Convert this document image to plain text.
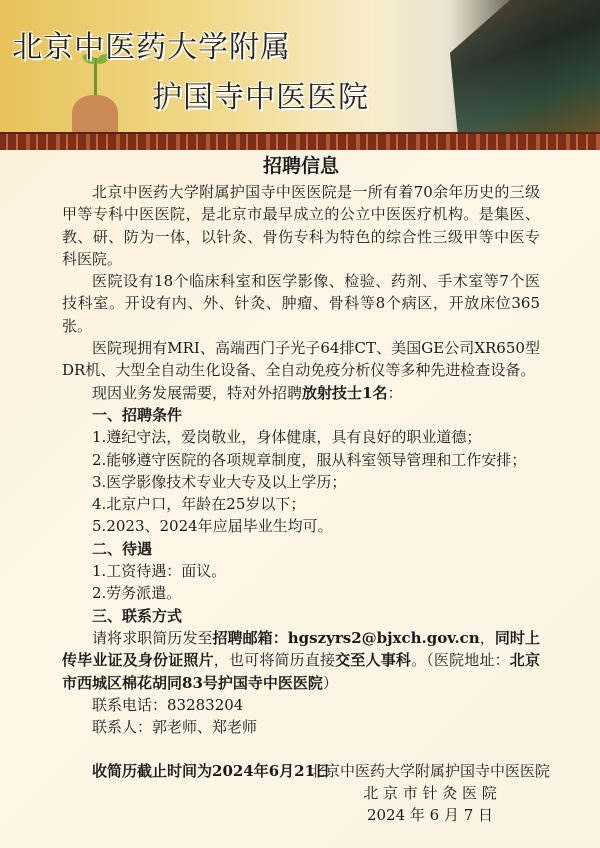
北京中医药大学附属
护国寺中医医院
招聘信息

北京中医药大学附属护国寺中医医院是一所有着70余年历史的三级甲等专科中医医院，是北京市最早成立的公立中医医疗机构。是集医、教、研、防为一体，以针灸、骨伤专科为特色的综合性三级甲等中医专科医院。

医院设有18个临床科室和医学影像、检验、药剂、手术室等7个医技科室。开设有内、外、针灸、肿瘤、骨科等8个病区，开放床位365张。

医院现拥有MRI、高端西门子光子64排CT、美国GE公司XR650型DR机、大型全自动生化设备、全自动免疫分析仪等多种先进检查设备。

现因业务发展需要，特对外招聘放射技士1名：

一、招聘条件
1.遵纪守法，爱岗敬业，身体健康，具有良好的职业道德；
2.能够遵守医院的各项规章制度，服从科室领导管理和工作安排；
3.医学影像技术专业大专及以上学历；
4.北京户口，年龄在25岁以下；
5.2023、2024年应届毕业生均可。
二、待遇
1.工资待遇：面议。
2.劳务派遣。
三、联系方式

请将求职简历发至招聘邮箱：hgszyrs2@bjxch.gov.cn，同时上传毕业证及身份证照片，也可将简历直接交至人事科。（医院地址：北京市西城区棉花胡同83号护国寺中医医院）

联系电话：83283204
联系人：郭老师、郑老师
收简历截止时间为2024年6月21日
北京中医药大学附属护国寺中医医院
北 京 市 针 灸 医 院
2024 年 6 月 7 日
